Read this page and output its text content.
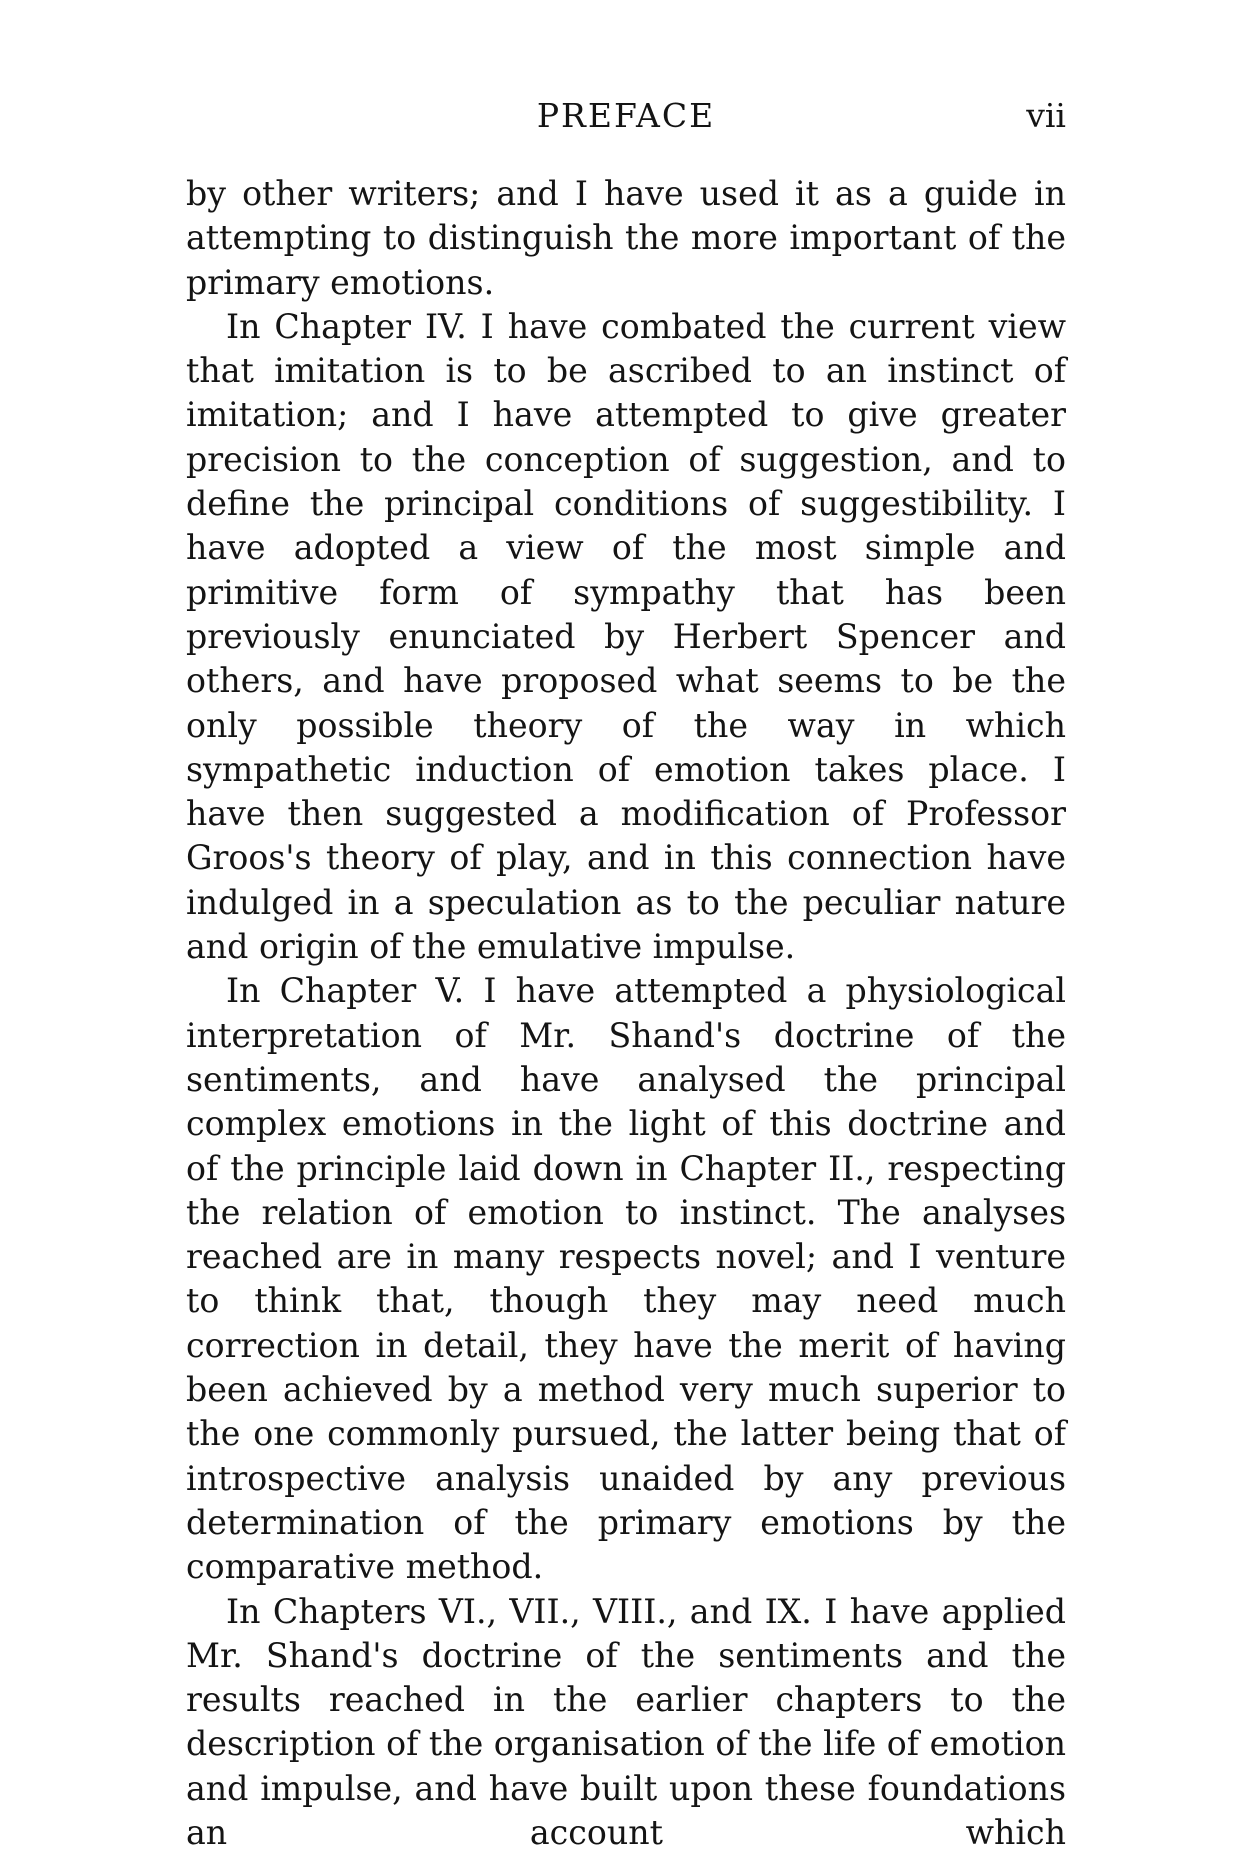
PREFACE	vii

by other writers; and I have used it as a guide in attempting to distinguish the more important of the primary emotions.

In Chapter IV. I have combated the current view that imitation is to be ascribed to an instinct of imitation; and I have attempted to give greater precision to the conception of suggestion, and to define the principal conditions of suggestibility. I have adopted a view of the most simple and primitive form of sympathy that has been previously enunciated by Herbert Spencer and others, and have proposed what seems to be the only possible theory of the way in which sympathetic induction of emotion takes place. I have then suggested a modification of Professor Groos's theory of play, and in this connection have indulged in a speculation as to the peculiar nature and origin of the emulative impulse.

In Chapter V. I have attempted a physiological interpretation of Mr. Shand's doctrine of the sentiments, and have analysed the principal complex emotions in the light of this doctrine and of the principle laid down in Chapter II., respecting the relation of emotion to instinct. The analyses reached are in many respects novel; and I venture to think that, though they may need much correction in detail, they have the merit of having been achieved by a method very much superior to the one commonly pursued, the latter being that of introspective analysis unaided by any previous determination of the primary emotions by the comparative method.

In Chapters VI., VII., VIII., and IX. I have applied Mr. Shand's doctrine of the sentiments and the results reached in the earlier chapters to the description of the organisation of the life of emotion and impulse, and have built upon these foundations an account which
